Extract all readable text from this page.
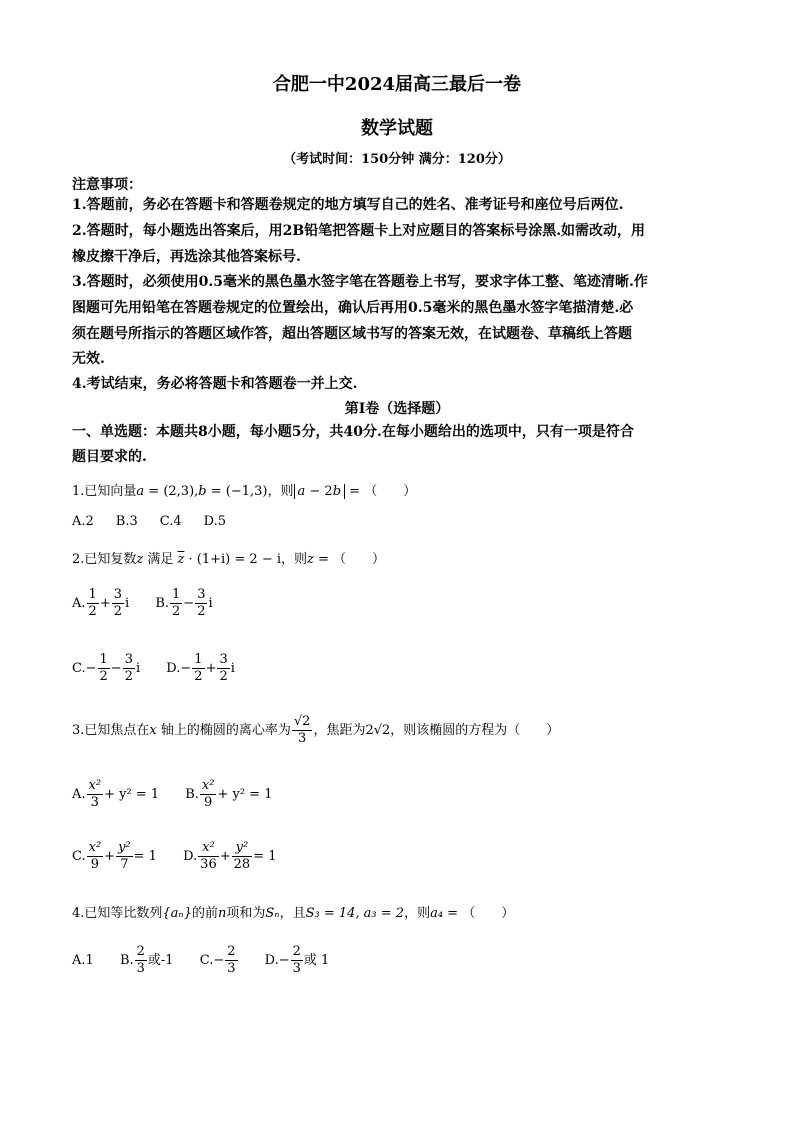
合肥一中2024届高三最后一卷
数学试题
（考试时间：150分钟 满分：120分）
注意事项：
1.答题前，务必在答题卡和答题卷规定的地方填写自己的姓名、准考证号和座位号后两位.
2.答题时，每小题选出答案后，用2B铅笔把答题卡上对应题目的答案标号涂黑.如需改动，用
橡皮擦干净后，再选涂其他答案标号.
3.答题时，必须使用0.5毫米的黑色墨水签字笔在答题卷上书写，要求字体工整、笔迹清晰.作
图题可先用铅笔在答题卷规定的位置绘出，确认后再用0.5毫米的黑色墨水签字笔描清楚.必
须在题号所指示的答题区域作答，超出答题区域书写的答案无效，在试题卷、草稿纸上答题
无效.
4.考试结束，务必将答题卡和答题卷一并上交.
第Ⅰ卷（选择题）
一、单选题：本题共8小题，每小题5分，共40分.在每小题给出的选项中，只有一项是符合
题目要求的.
1.已知向量a = (2,3),b = (−1,3)，则 a − 2b = （　　）
A.2 B.3 C.4 D.5
2.已知复数z 满足 $\overline{z} \cdot (1+i) = 2 - i$，则z = （　　）
A. $\frac{1}{2} + \frac{3}{2}$ i B. $\frac{1}{2} - \frac{3}{2}$ i
$C.- \frac{1}{2} - \frac{3}{2}$ i $D.- \frac{1}{2} + \frac{3}{2}$ i
3.已知焦点在x 轴上的椭圆的离心率为 $\frac{√2}{3}$ ，焦距为2√2，则该椭圆的方程为（　　）
A. $\frac{\text{x²}}{3} + y^2 = 1$ B. $\frac{\text{x²}}{9} + y^2 = 1$
C. $\frac{\text{x²}}{9} + \frac{\text{y²}}{7} = 1$ D. $\frac{\text{x²}}{36} + \frac{\text{y²}}{28} = 1$
4.已知等比数列{aₙ}的前n项和为Sₙ，且S₃ = 14, a₃ = 2，则a₄ = （　　）
A.1 B. $\frac{2}{3}$ 或-1 $C.- \frac{2}{3} D.- \frac{2}{3}$ 或 1
